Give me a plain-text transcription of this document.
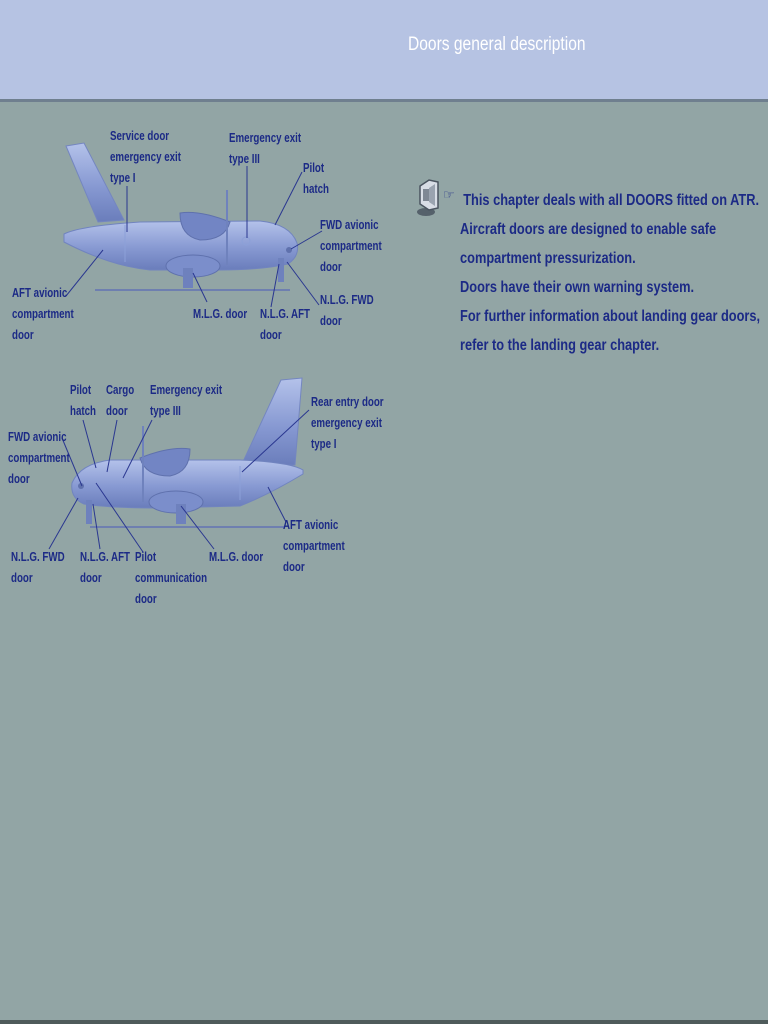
Doors general description
Service door
emergency exit
type I
Emergency exit
type III
Pilot
hatch
FWD avionic
compartment
door
N.L.G. FWD
door
N.L.G. AFT
door
M.L.G. door
AFT avionic
compartment
door
Pilot
hatch
Cargo
door
Emergency exit
type III
Rear entry door
emergency exit
type I
FWD avionic
compartment
door
AFT avionic
compartment
door
N.L.G. FWD
door
N.L.G. AFT
door
Pilot
communication
door
M.L.G. door
☞ This chapter deals with all DOORS fitted on ATR.
Aircraft doors are designed to enable safe
compartment pressurization.
Doors have their own warning system.
For further information about landing gear doors,
refer to the landing gear chapter.
